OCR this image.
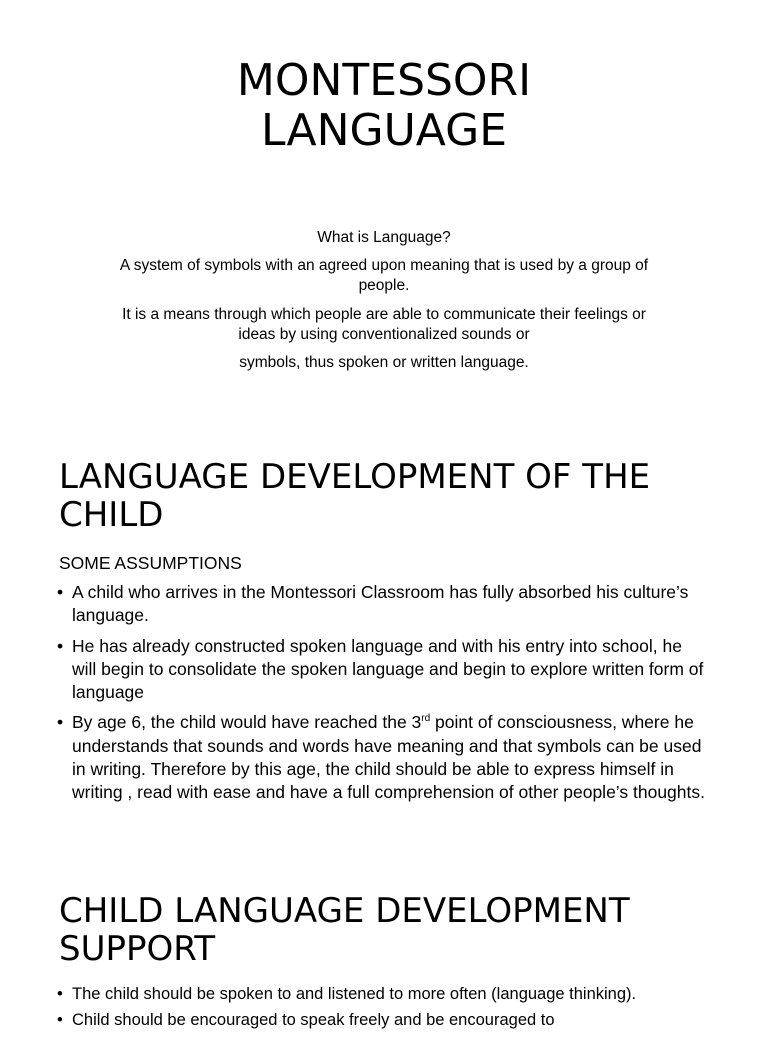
MONTESSORI
LANGUAGE

What is Language?

A system of symbols with an agreed upon meaning that is used by a group of people.

It is a means through which people are able to communicate their feelings or ideas by using conventionalized sounds or

symbols, thus spoken or written language.

LANGUAGE DEVELOPMENT OF THE CHILD
SOME ASSUMPTIONS
• A child who arrives in the Montessori Classroom has fully absorbed his culture’s language.
• He has already constructed spoken language and with his entry into school, he will begin to consolidate the spoken language and begin to explore written form of language
• By age 6, the child would have reached the 3rd point of consciousness, where he understands that sounds and words have meaning and that symbols can be used in writing. Therefore by this age, the child should be able to express himself in writing , read with ease and have a full comprehension of other people’s thoughts.
CHILD LANGUAGE DEVELOPMENT SUPPORT
• The child should be spoken to and listened to more often (language thinking).
• Child should be encouraged to speak freely and be encouraged to
